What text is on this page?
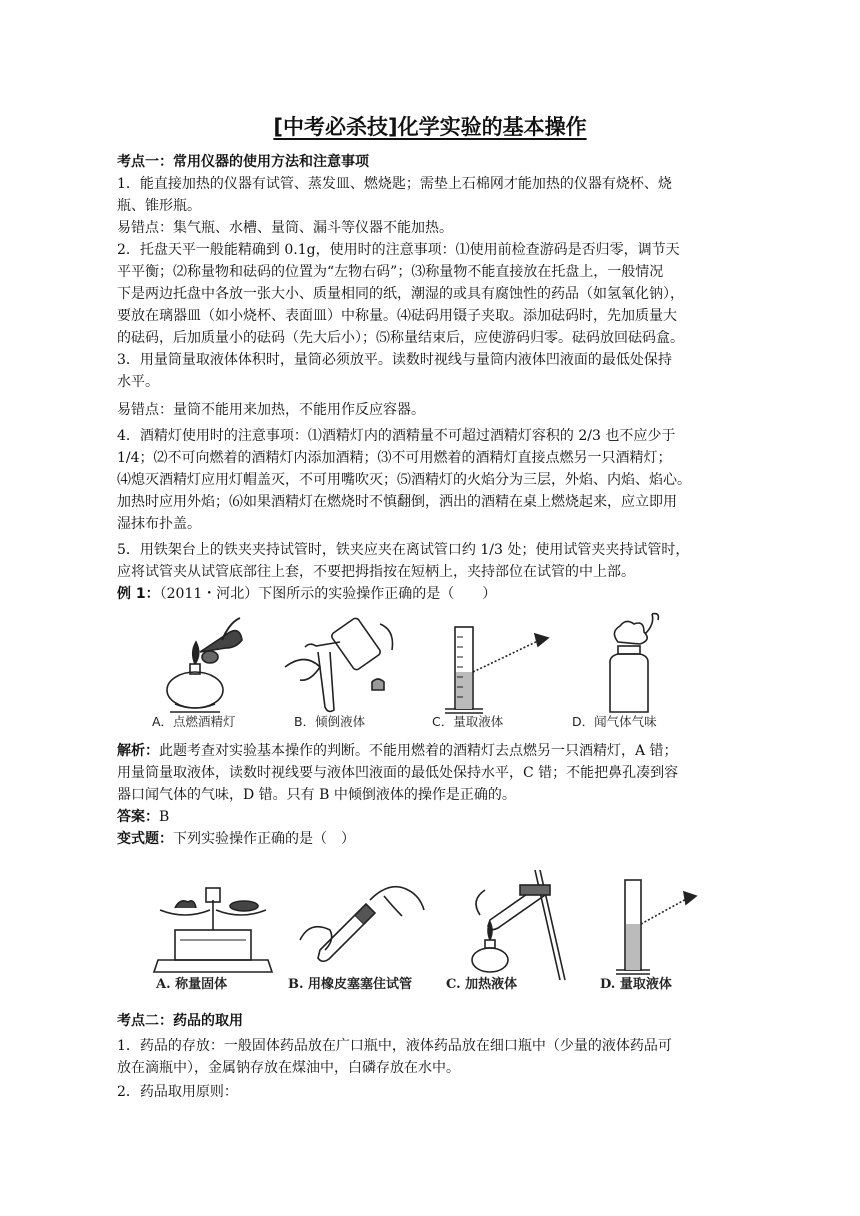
[中考必杀技]化学实验的基本操作
考点一：常用仪器的使用方法和注意事项
1．能直接加热的仪器有试管、蒸发皿、燃烧匙；需垫上石棉网才能加热的仪器有烧杯、烧
瓶、锥形瓶。
易错点：集气瓶、水槽、量筒、漏斗等仪器不能加热。
2．托盘天平一般能精确到 0.1g，使用时的注意事项：⑴使用前检查游码是否归零，调节天
平平衡；⑵称量物和砝码的位置为“左物右码”；⑶称量物不能直接放在托盘上，一般情况
下是两边托盘中各放一张大小、质量相同的纸，潮湿的或具有腐蚀性的药品（如氢氧化钠），
要放在璃器皿（如小烧杯、表面皿）中称量。⑷砝码用镊子夹取。添加砝码时，先加质量大
的砝码，后加质量小的砝码（先大后小）；⑸称量结束后，应使游码归零。砝码放回砝码盒。
3．用量筒量取液体体积时，量筒必须放平。读数时视线与量筒内液体凹液面的最低处保持
水平。
易错点：量筒不能用来加热，不能用作反应容器。
4．酒精灯使用时的注意事项：⑴酒精灯内的酒精量不可超过酒精灯容积的 2/3 也不应少于
1/4；⑵不可向燃着的酒精灯内添加酒精；⑶不可用燃着的酒精灯直接点燃另一只酒精灯；
⑷熄灭酒精灯应用灯帽盖灭，不可用嘴吹灭；⑸酒精灯的火焰分为三层，外焰、内焰、焰心。
加热时应用外焰；⑹如果酒精灯在燃烧时不慎翻倒，洒出的酒精在桌上燃烧起来，应立即用
湿抹布扑盖。
5．用铁架台上的铁夹夹持试管时，铁夹应夹在离试管口约 1/3 处；使用试管夹夹持试管时，
应将试管夹从试管底部往上套，不要把拇指按在短柄上，夹持部位在试管的中上部。
例 1：（2011・河北）下图所示的实验操作正确的是（　　）
A．点燃酒精灯	B．倾倒液体	C．量取液体	D．闻气体气味
解析：此题考查对实验基本操作的判断。不能用燃着的酒精灯去点燃另一只酒精灯，A 错；
用量筒量取液体，读数时视线要与液体凹液面的最低处保持水平，C 错；不能把鼻孔凑到容
器口闻气体的气味，D 错。只有 B 中倾倒液体的操作是正确的。
答案：B
变式题：下列实验操作正确的是（　）
A. 称量固体	B. 用橡皮塞塞住试管	C. 加热液体	D. 量取液体
考点二：药品的取用
1．药品的存放：一般固体药品放在广口瓶中，液体药品放在细口瓶中（少量的液体药品可
放在滴瓶中），金属钠存放在煤油中，白磷存放在水中。
2．药品取用原则：
